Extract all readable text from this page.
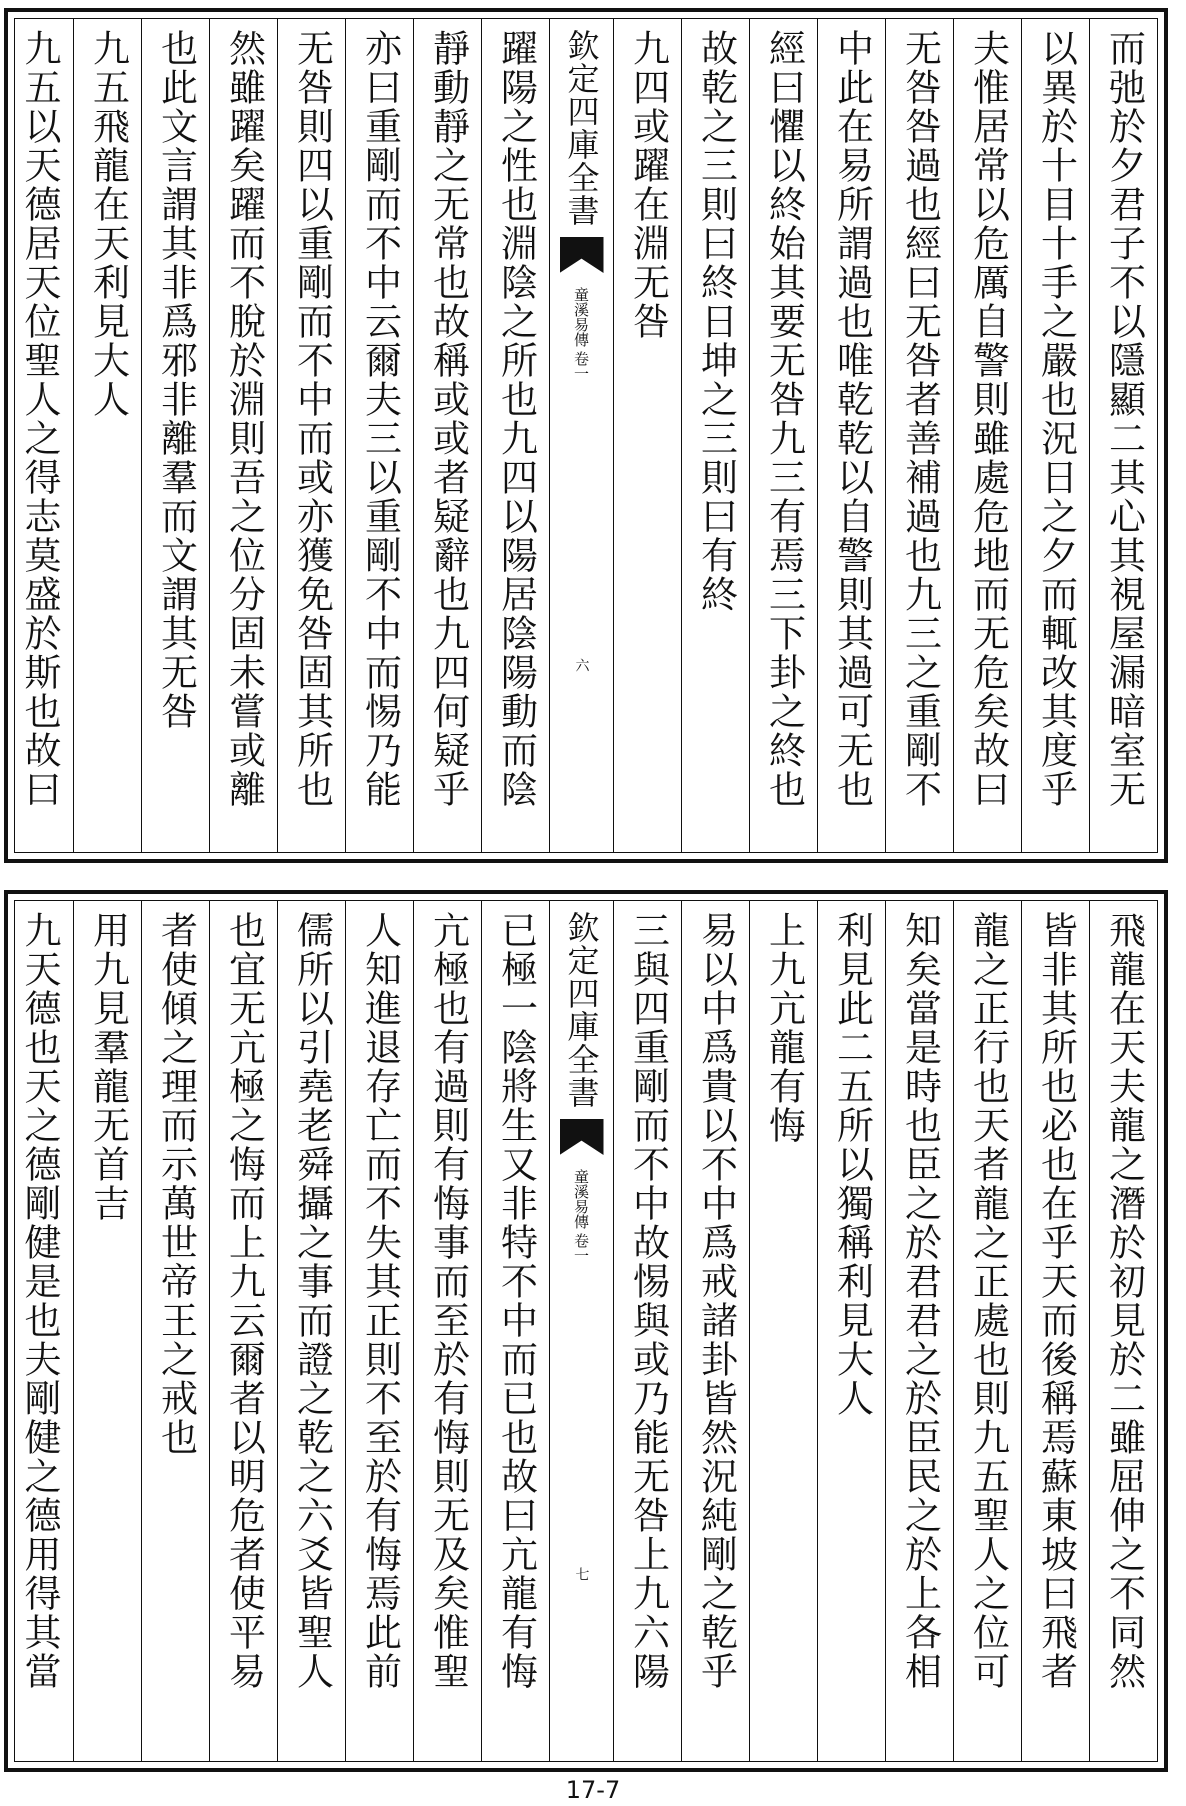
而弛於夕君子不以隱顯二其心其視屋漏暗室无
以異於十目十手之嚴也況日之夕而輒改其度乎
夫惟居常以危厲自警則雖處危地而无危矣故曰
无咎咎過也經曰无咎者善補過也九三之重剛不
中此在易所謂過也唯乾乾以自警則其過可无也
經曰懼以終始其要无咎九三有焉三下卦之終也
故乾之三則曰終日坤之三則曰有終
九四或躍在淵无咎
欽定四庫全書
童溪易傳
卷一
六
躍陽之性也淵陰之所也九四以陽居陰陽動而陰
靜動靜之无常也故稱或或者疑辭也九四何疑乎
亦曰重剛而不中云爾夫三以重剛不中而惕乃能
无咎則四以重剛而不中而或亦獲免咎固其所也
然雖躍矣躍而不脫於淵則吾之位分固未嘗或離
也此文言謂其非爲邪非離羣而文謂其无咎
九五飛龍在天利見大人
九五以天德居天位聖人之得志莫盛於斯也故曰
飛龍在天夫龍之潛於初見於二雖屈伸之不同然
皆非其所也必也在乎天而後稱焉蘇東坡曰飛者
龍之正行也天者龍之正處也則九五聖人之位可
知矣當是時也臣之於君君之於臣民之於上各相
利見此二五所以獨稱利見大人
上九亢龍有悔
易以中爲貴以不中爲戒諸卦皆然況純剛之乾乎
三與四重剛而不中故惕與或乃能无咎上九六陽
欽定四庫全書
童溪易傳
卷一
七
已極一陰將生又非特不中而已也故曰亢龍有悔
亢極也有過則有悔事而至於有悔則无及矣惟聖
人知進退存亡而不失其正則不至於有悔焉此前
儒所以引堯老舜攝之事而證之乾之六爻皆聖人
也宜无亢極之悔而上九云爾者以明危者使平易
者使傾之理而示萬世帝王之戒也
用九見羣龍无首吉
九天德也天之德剛健是也夫剛健之德用得其當
17-7
